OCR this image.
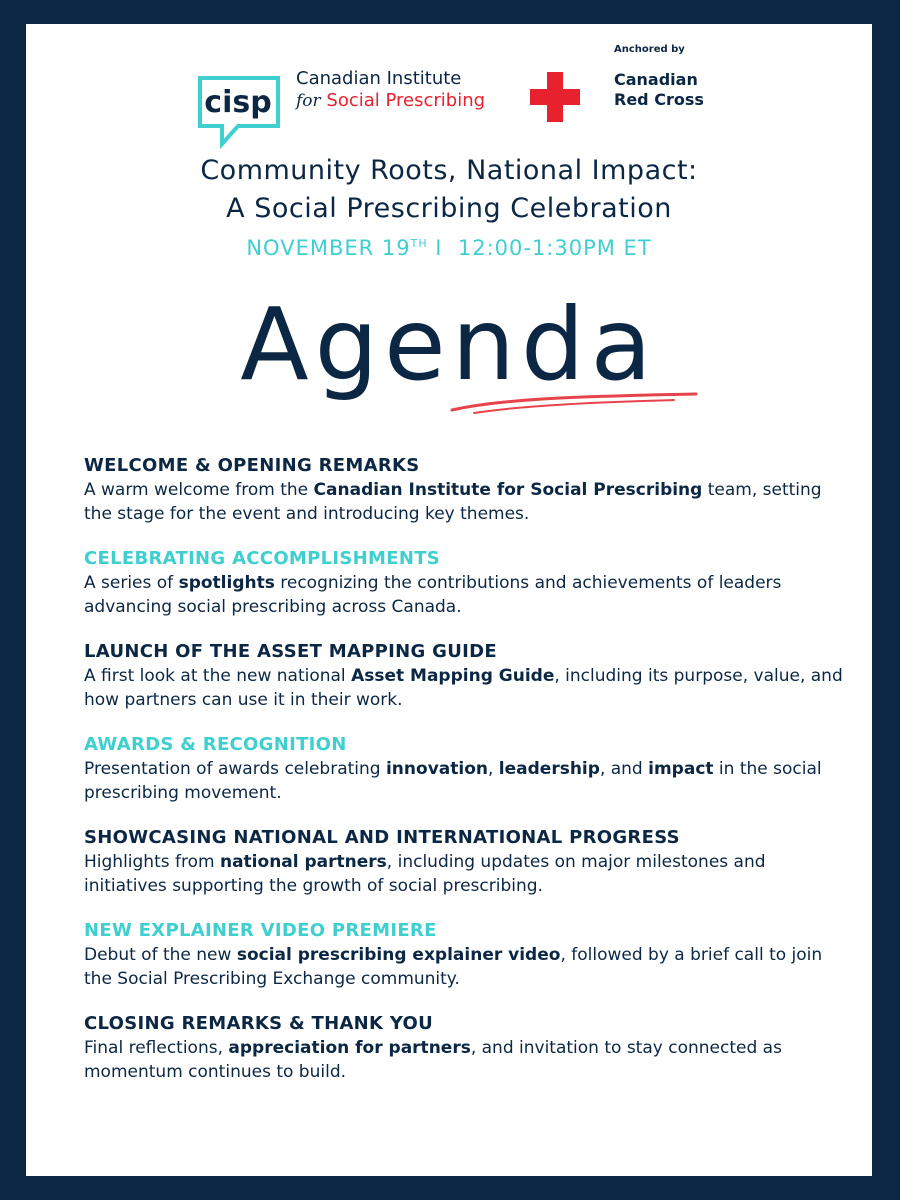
cisp
Canadian Institute
for Social Prescribing
Anchored by
Canadian
Red Cross
Community Roots, National Impact:
A Social Prescribing Celebration
NOVEMBER 19TH I  12:00-1:30PM ET
Agenda
WELCOME & OPENING REMARKS

A warm welcome from the Canadian Institute for Social Prescribing team, setting the stage for the event and introducing key themes.

CELEBRATING ACCOMPLISHMENTS

A series of spotlights recognizing the contributions and achievements of leaders advancing social prescribing across Canada.

LAUNCH OF THE ASSET MAPPING GUIDE

A first look at the new national Asset Mapping Guide, including its purpose, value, and how partners can use it in their work.

AWARDS & RECOGNITION

Presentation of awards celebrating innovation, leadership, and impact in the social prescribing movement.

SHOWCASING NATIONAL AND INTERNATIONAL PROGRESS

Highlights from national partners, including updates on major milestones and initiatives supporting the growth of social prescribing.

NEW EXPLAINER VIDEO PREMIERE

Debut of the new social prescribing explainer video, followed by a brief call to join the Social Prescribing Exchange community.

CLOSING REMARKS & THANK YOU

Final reflections, appreciation for partners, and invitation to stay connected as momentum continues to build.
